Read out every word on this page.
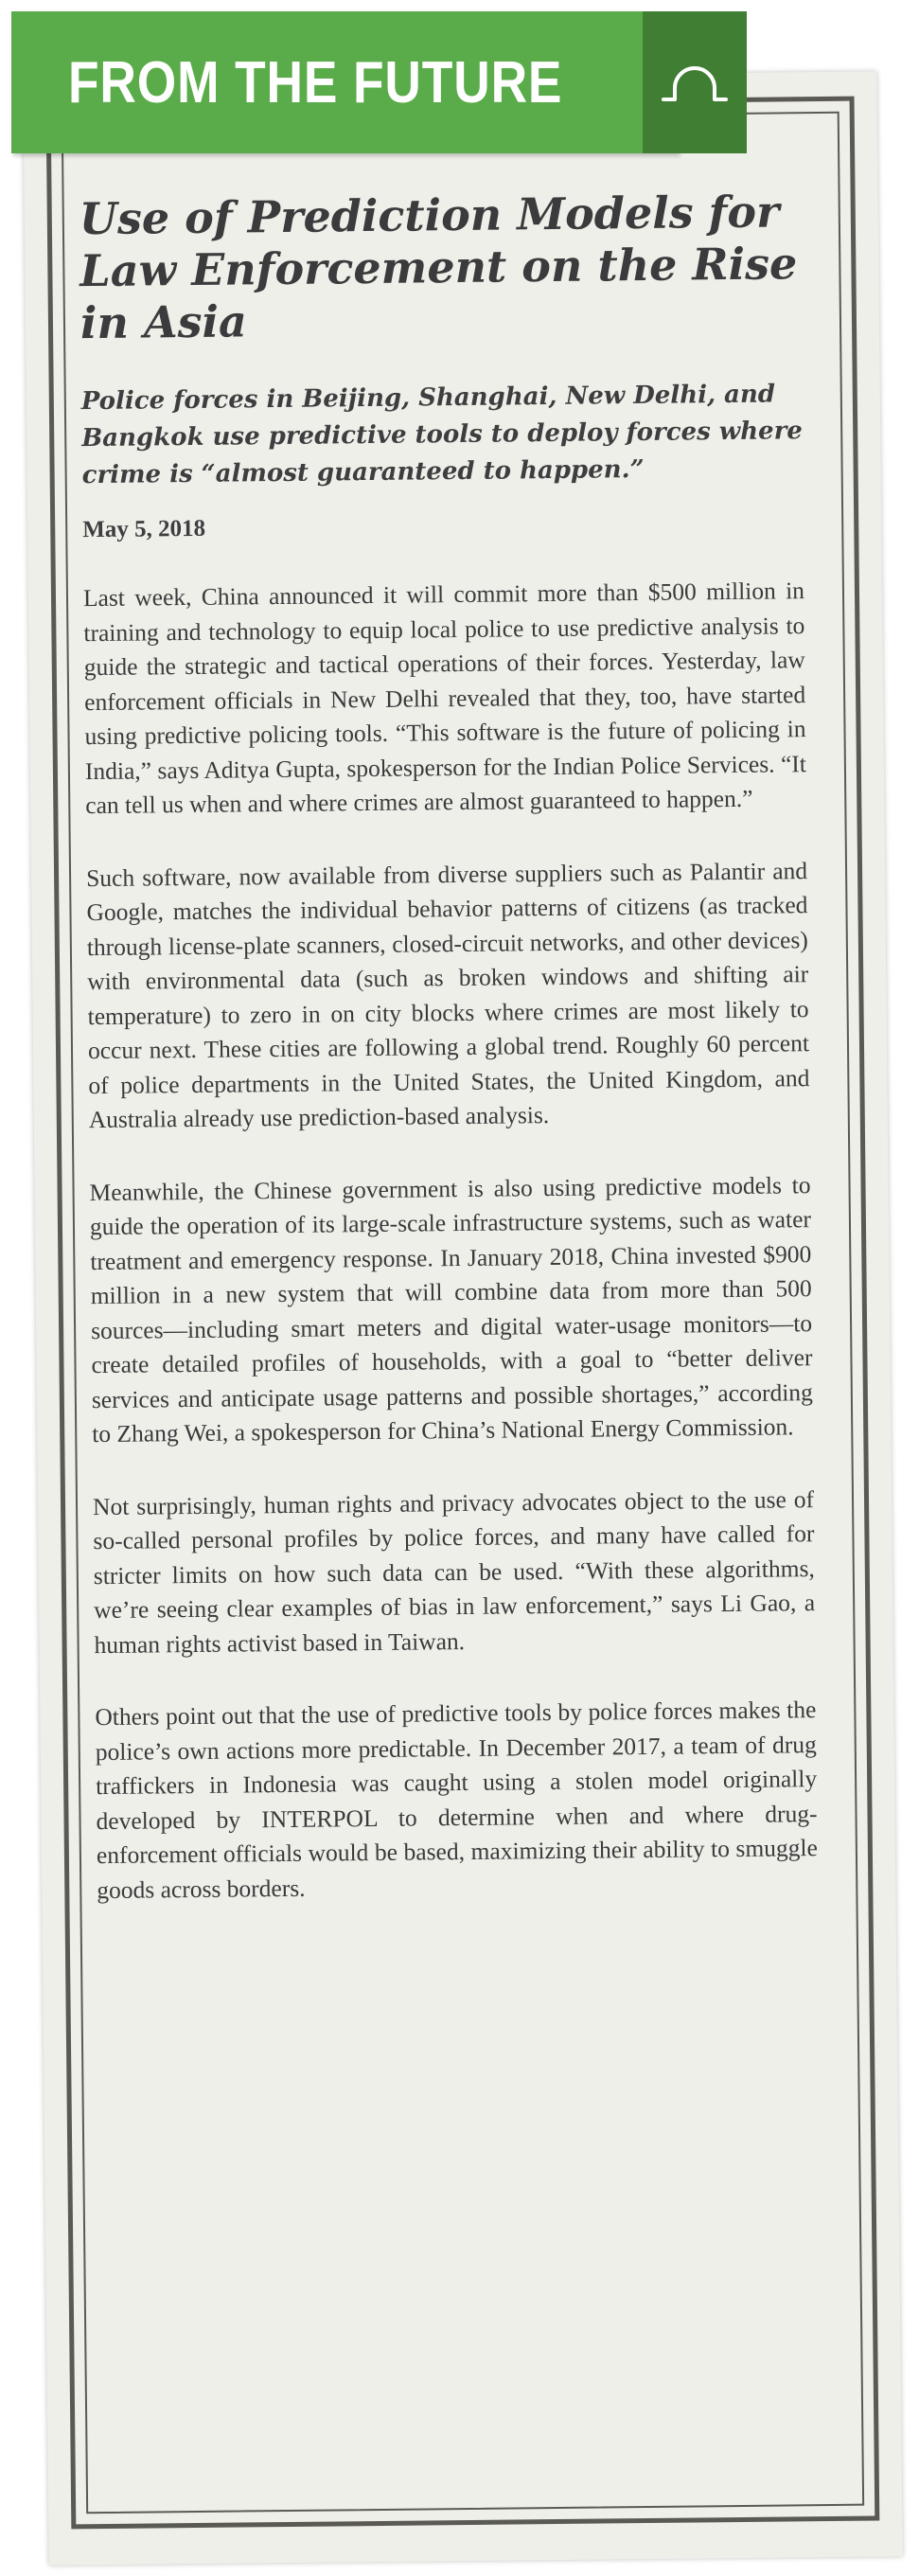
Use of Prediction Models for Law Enforcement on the Rise in Asia
Police forces in Beijing, Shanghai, New Delhi, and Bangkok use predictive tools to deploy forces where crime is “almost guaranteed to happen.”
May 5, 2018

Last week, China announced it will commit more than $500 million in training and technology to equip local police to use predictive analysis to guide the strategic and tactical operations of their forces. Yesterday, law enforcement officials in New Delhi revealed that they, too, have started using predictive policing tools. “This software is the future of policing in India,” says Aditya Gupta, spokesperson for the Indian Police Services. “It can tell us when and where crimes are almost guaranteed to happen.”

Such software, now available from diverse suppliers such as Palantir and Google, matches the individual behavior patterns of citizens (as tracked through license-plate scanners, closed-circuit networks, and other devices) with environmental data (such as broken windows and shifting air temperature) to zero in on city blocks where crimes are most likely to occur next. These cities are following a global trend. Roughly 60 percent of police departments in the United States, the United Kingdom, and Australia already use prediction-based analysis.

Meanwhile, the Chinese government is also using predictive models to guide the operation of its large-scale infrastructure systems, such as water treatment and emergency response. In January 2018, China invested $900 million in a new system that will combine data from more than 500 sources—including smart meters and digital water-usage monitors—to create detailed profiles of households, with a goal to “better deliver services and anticipate usage patterns and possible shortages,” according to Zhang Wei, a spokesperson for China’s National Energy Commission.

Not surprisingly, human rights and privacy advocates object to the use of so-called personal profiles by police forces, and many have called for stricter limits on how such data can be used. “With these algorithms, we’re seeing clear examples of bias in law enforcement,” says Li Gao, a human rights activist based in Taiwan.

Others point out that the use of predictive tools by police forces makes the police’s own actions more predictable. In December 2017, a team of drug traffickers in Indonesia was caught using a stolen model originally developed by INTERPOL to determine when and where drug-enforcement officials would be based, maximizing their ability to smuggle goods across borders.

FROM THE FUTURE
